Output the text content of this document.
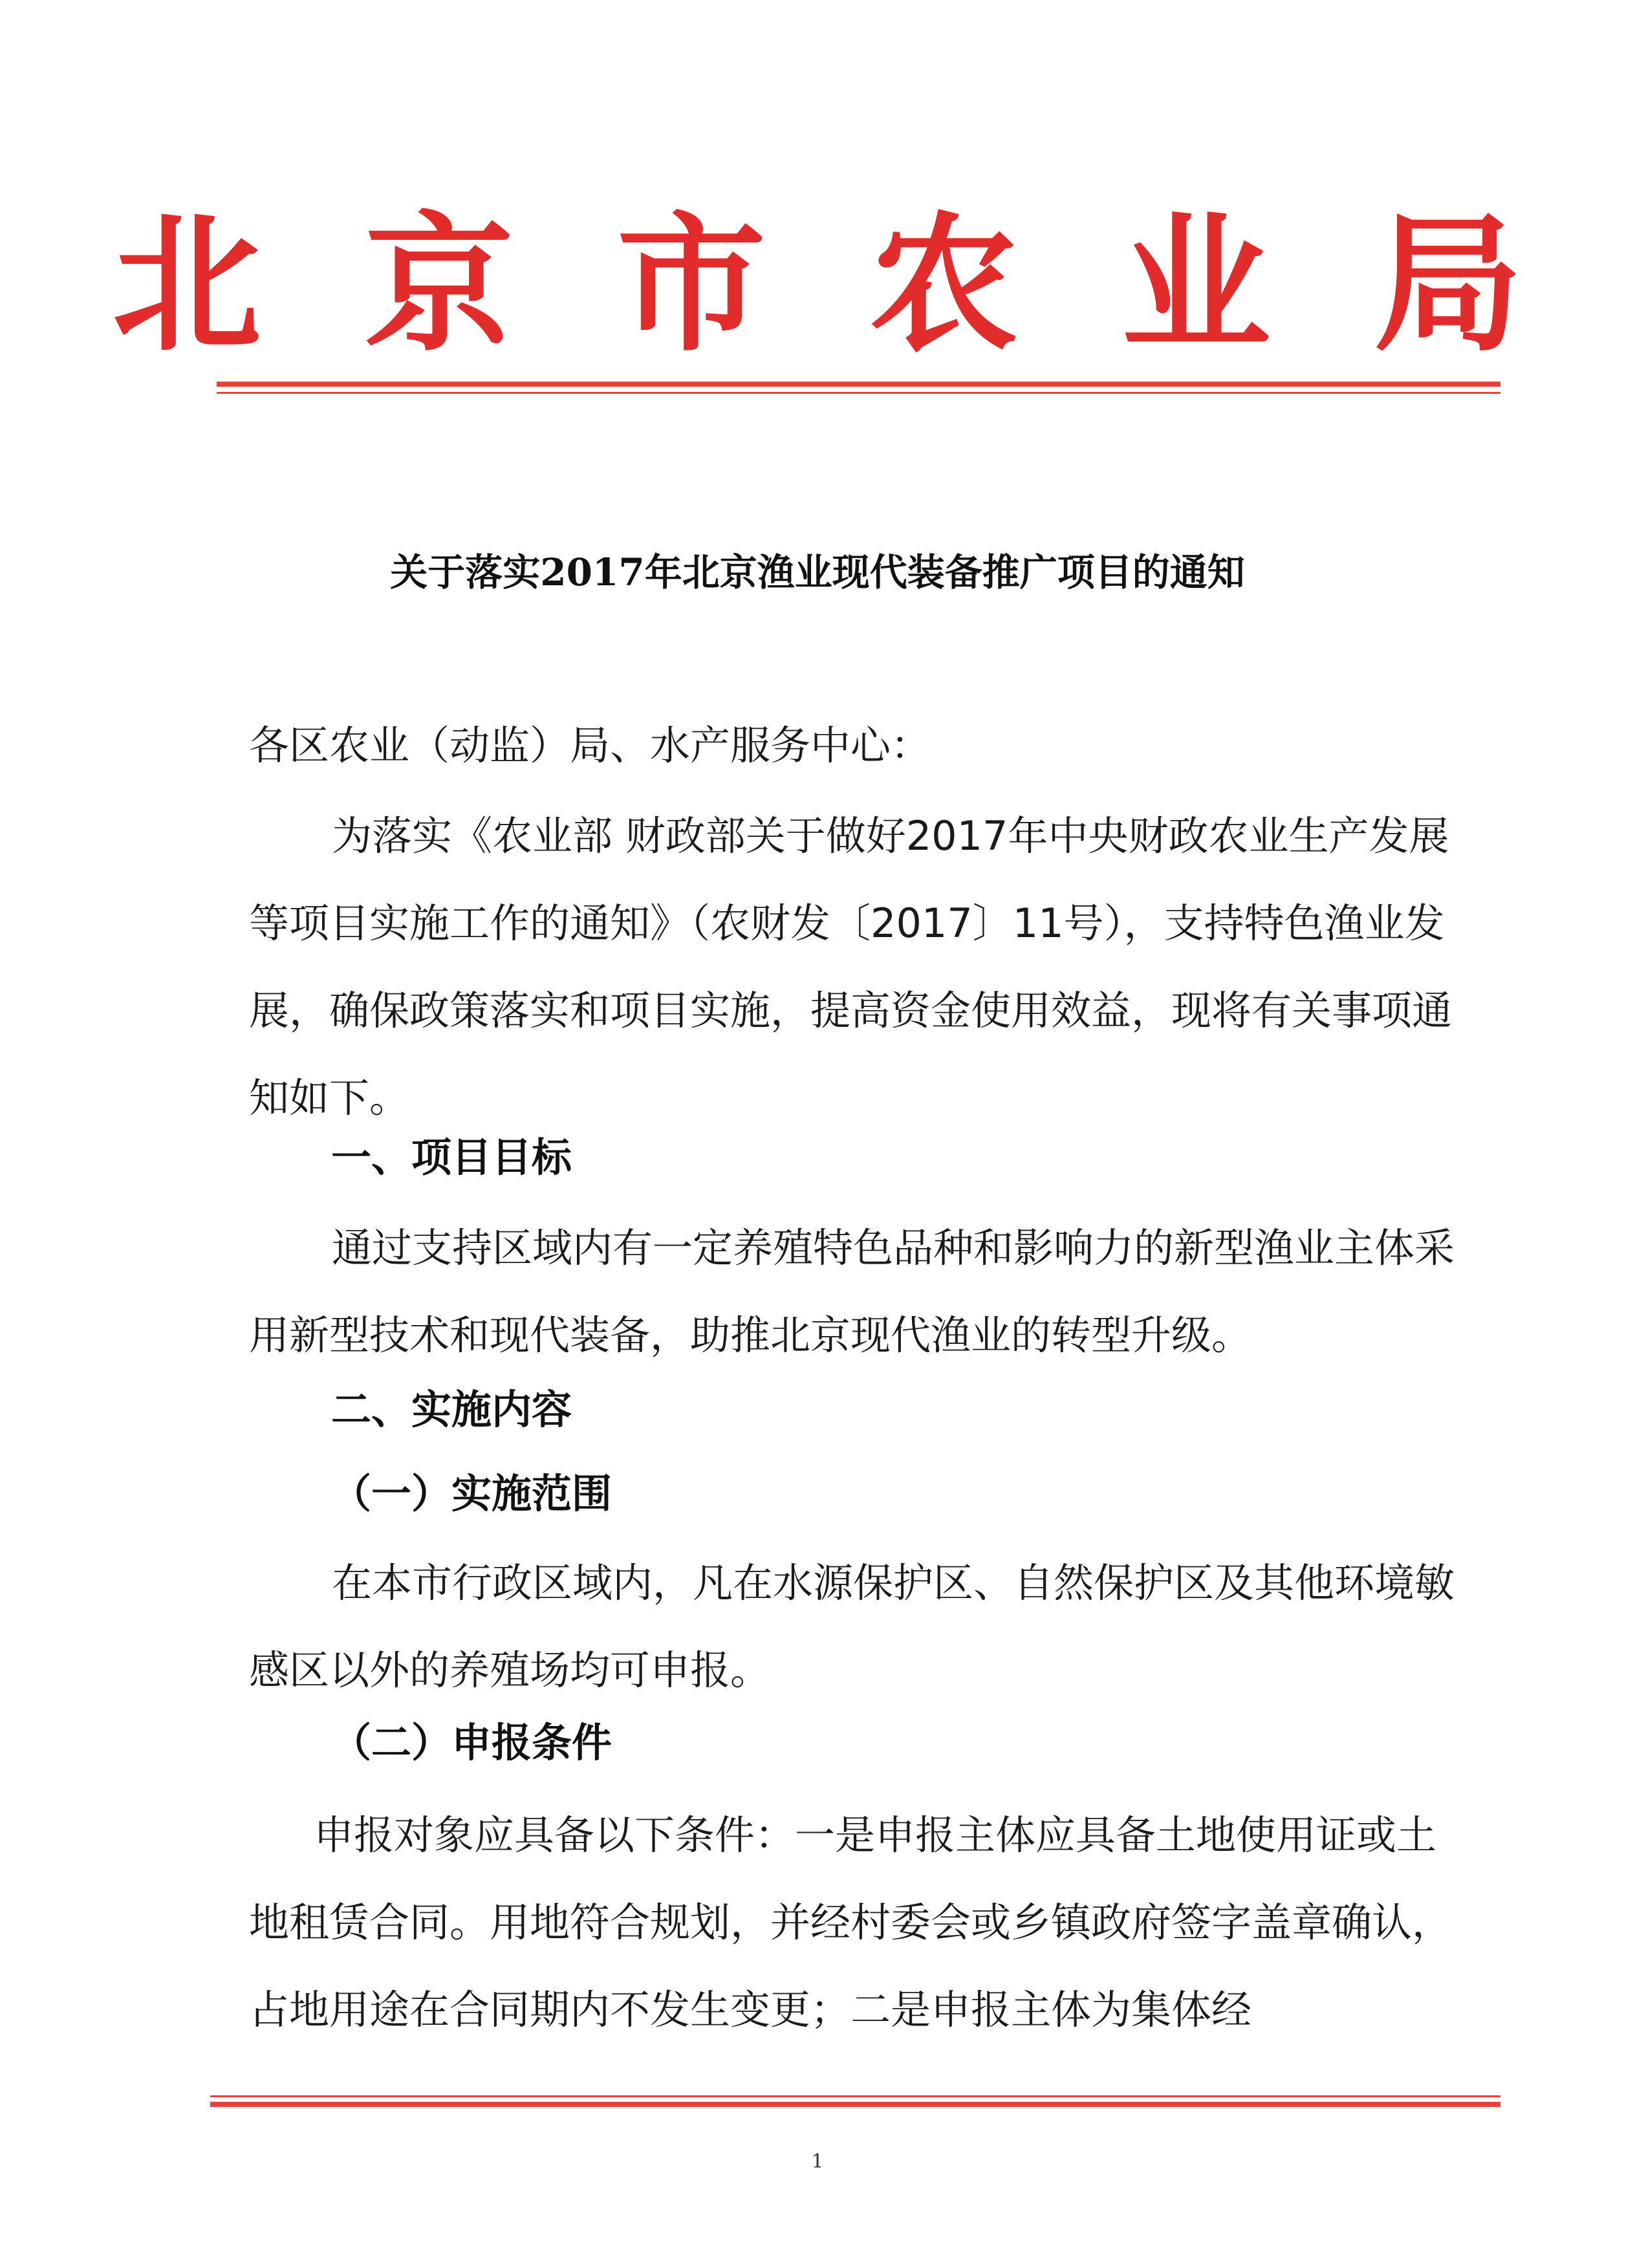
北 京 市 农 业 局
关于落实2017年北京渔业现代装备推广项目的通知

各区农业（动监）局、水产服务中心：

为落实《农业部 财政部关于做好2017年中央财政农业生产发展等项目实施工作的通知》（农财发〔2017〕11号），支持特色渔业发展，确保政策落实和项目实施，提高资金使用效益，现将有关事项通知如下。

一、项目目标

通过支持区域内有一定养殖特色品种和影响力的新型渔业主体采用新型技术和现代装备，助推北京现代渔业的转型升级。

二、实施内容

（一）实施范围

在本市行政区域内，凡在水源保护区、自然保护区及其他环境敏感区以外的养殖场均可申报。

（二）申报条件

申报对象应具备以下条件：一是申报主体应具备土地使用证或土地租赁合同。用地符合规划，并经村委会或乡镇政府签字盖章确认，占地用途在合同期内不发生变更；二是申报主体为集体经

1
